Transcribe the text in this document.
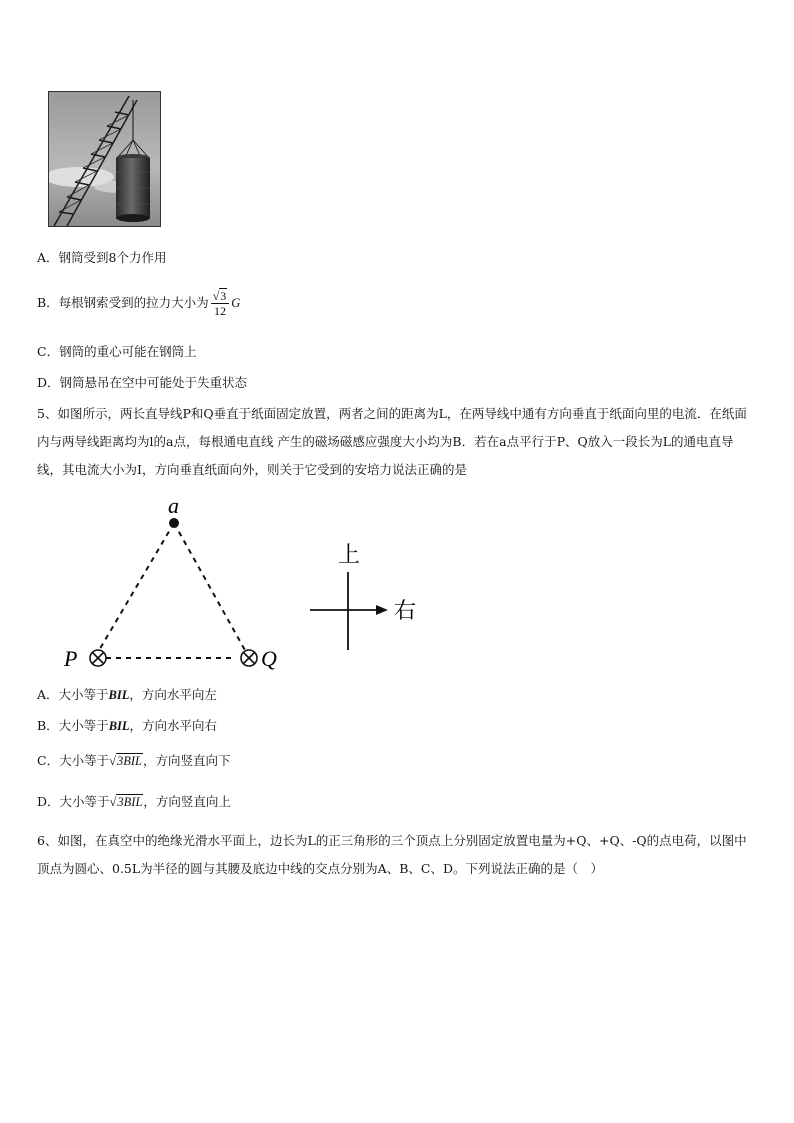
A．钢筒受到8个力作用
B．每根钢索受到的拉力大小为 $\frac{√3}{12}$ G
C．钢筒的重心可能在钢筒上
D．钢筒悬吊在空中可能处于失重状态
5、如图所示，两长直导线P和Q垂直于纸面固定放置，两者之间的距离为L，在两导线中通有方向垂直于纸面向里的电流．在纸面内与两导线距离均为l的a点，每根通电直线 产生的磁场磁感应强度大小均为B．若在a点平行于P、Q放入一段长为L的通电直导线，其电流大小为I，方向垂直纸面向外，则关于它受到的安培力说法正确的是
a
P	Q
上
右
A．大小等于BIL，方向水平向左
B．大小等于BIL，方向水平向右
C．大小等于√3BIL，方向竖直向下
D．大小等于√3BIL，方向竖直向上
6、如图，在真空中的绝缘光滑水平面上，边长为L的正三角形的三个顶点上分别固定放置电量为+Q、+Q、-Q的点电荷，以图中顶点为圆心、0.5L为半径的圆与其腰及底边中线的交点分别为A、B、C、D。下列说法正确的是（　）
